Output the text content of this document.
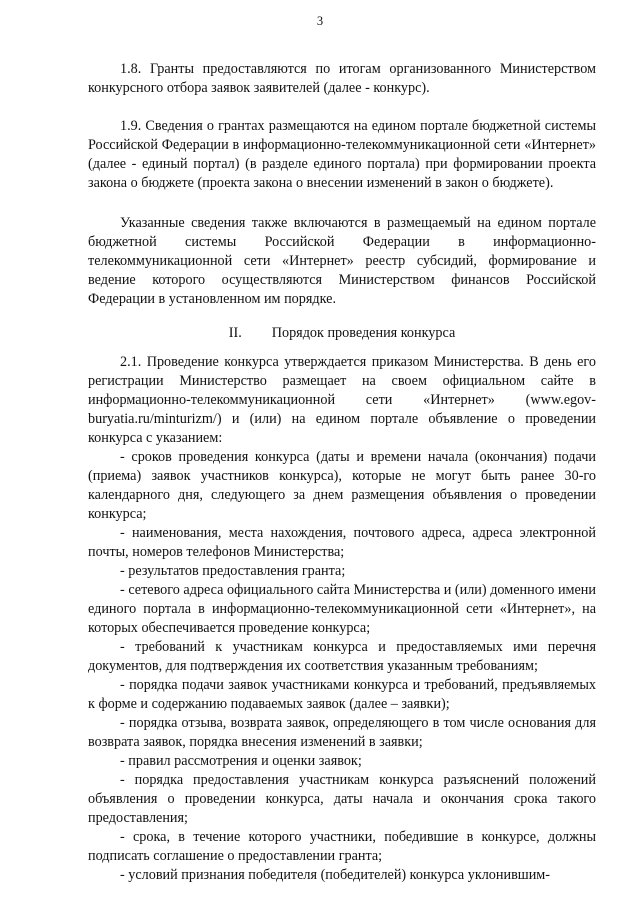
3

1.8. Гранты предоставляются по итогам организованного Министерством конкурсного отбора заявок заявителей (далее - конкурс).

1.9. Сведения о грантах размещаются на едином портале бюджетной системы Российской Федерации в информационно-телекоммуникационной сети «Интернет» (далее - единый портал) (в разделе единого портала) при формировании проекта закона о бюджете (проекта закона о внесении изменений в закон о бюджете).

Указанные сведения также включаются в размещаемый на едином портале бюджетной системы Российской Федерации в информационно-телекоммуникационной сети «Интернет» реестр субсидий, формирование и ведение которого осуществляются Министерством финансов Российской Федерации в установленном им порядке.

II. Порядок проведения конкурса

2.1. Проведение конкурса утверждается приказом Министерства. В день его регистрации Министерство размещает на своем официальном сайте в информационно-телекоммуникационной сети «Интернет» (www.egov-buryatia.ru/minturizm/) и (или) на едином портале объявление о проведении конкурса с указанием:

- сроков проведения конкурса (даты и времени начала (окончания) подачи (приема) заявок участников конкурса), которые не могут быть ранее 30-го календарного дня, следующего за днем размещения объявления о проведении конкурса;
- наименования, места нахождения, почтового адреса, адреса электронной почты, номеров телефонов Министерства;
- результатов предоставления гранта;
- сетевого адреса официального сайта Министерства и (или) доменного имени единого портала в информационно-телекоммуникационной сети «Интернет», на которых обеспечивается проведение конкурса;
- требований к участникам конкурса и предоставляемых ими перечня документов, для подтверждения их соответствия указанным требованиям;
- порядка подачи заявок участниками конкурса и требований, предъявляемых к форме и содержанию подаваемых заявок (далее – заявки);
- порядка отзыва, возврата заявок, определяющего в том числе основания для возврата заявок, порядка внесения изменений в заявки;
- правил рассмотрения и оценки заявок;
- порядка предоставления участникам конкурса разъяснений положений объявления о проведении конкурса, даты начала и окончания срока такого предоставления;
- срока, в течение которого участники, победившие в конкурсе, должны подписать соглашение о предоставлении гранта;
- условий признания победителя (победителей) конкурса уклонившим-
